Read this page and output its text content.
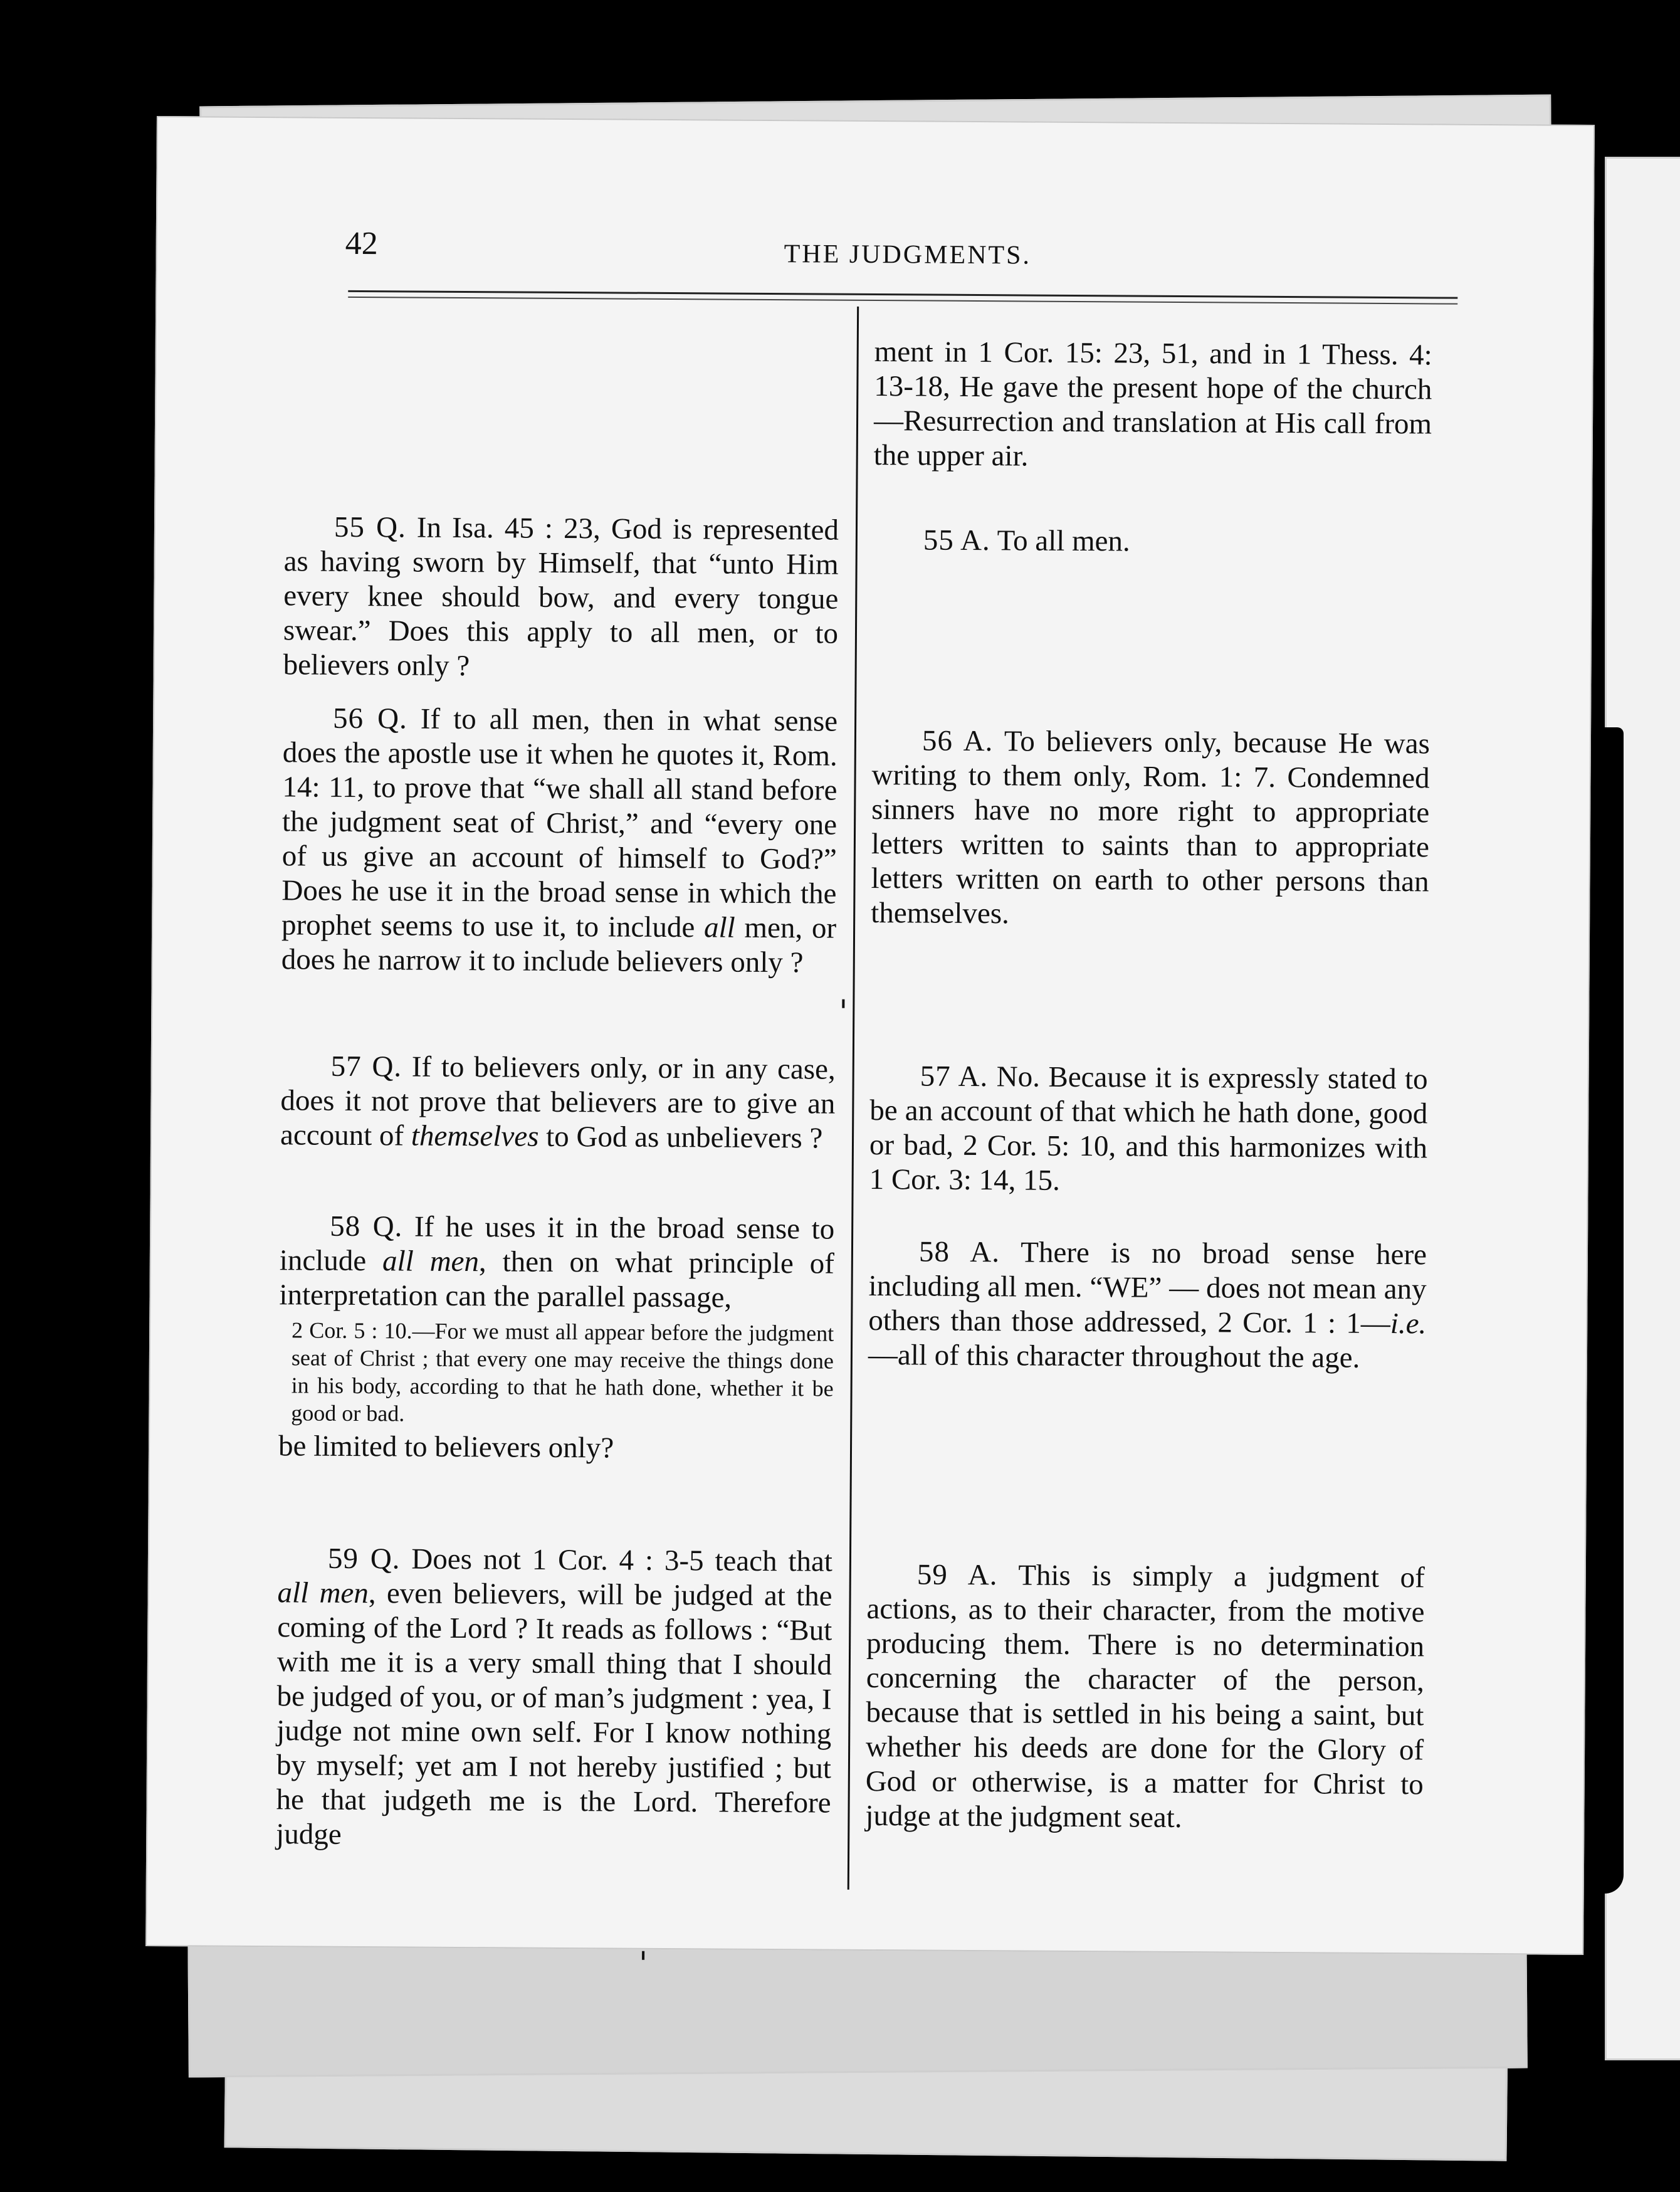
42	THE JUDGMENTS.

55 Q. In Isa. 45 : 23, God is represented as having sworn by Himself, that “unto Him every knee should bow, and every tongue swear.” Does this apply to all men, or to believers only ?

56 Q. If to all men, then in what sense does the apostle use it when he quotes it, Rom. 14: 11, to prove that “we shall all stand before the judgment seat of Christ,” and “every one of us give an account of himself to God?” Does he use it in the broad sense in which the prophet seems to use it, to include all men, or does he narrow it to include believers only ?

57 Q. If to believers only, or in any case, does it not prove that believers are to give an account of themselves to God as unbelievers ?

58 Q. If he uses it in the broad sense to include all men, then on what principle of interpretation can the parallel passage,

2 Cor. 5 : 10.—For we must all appear before the judgment seat of Christ ; that every one may receive the things done in his body, according to that he hath done, whether it be good or bad.

be limited to believers only?

59 Q. Does not 1 Cor. 4 : 3-5 teach that all men, even believers, will be judged at the coming of the Lord ? It reads as follows : “But with me it is a very small thing that I should be judged of you, or of man’s judgment : yea, I judge not mine own self. For I know nothing by myself; yet am I not hereby justified ; but he that judgeth me is the Lord. Therefore judge

ment in 1 Cor. 15: 23, 51, and in 1 Thess. 4: 13-18, He gave the present hope of the church—Resurrection and translation at His call from the upper air.

55 A. To all men.

56 A. To believers only, because He was writing to them only, Rom. 1: 7. Condemned sinners have no more right to appropriate letters written to saints than to appropriate letters written on earth to other persons than themselves.

57 A. No. Because it is expressly stated to be an account of that which he hath done, good or bad, 2 Cor. 5: 10, and this harmonizes with 1 Cor. 3: 14, 15.

58 A. There is no broad sense here including all men. “WE” — does not mean any others than those addressed, 2 Cor. 1 : 1—i.e.—all of this character throughout the age.

59 A. This is simply a judgment of actions, as to their character, from the motive producing them. There is no determination concerning the character of the person, because that is settled in his being a saint, but whether his deeds are done for the Glory of God or otherwise, is a matter for Christ to judge at the judgment seat.
